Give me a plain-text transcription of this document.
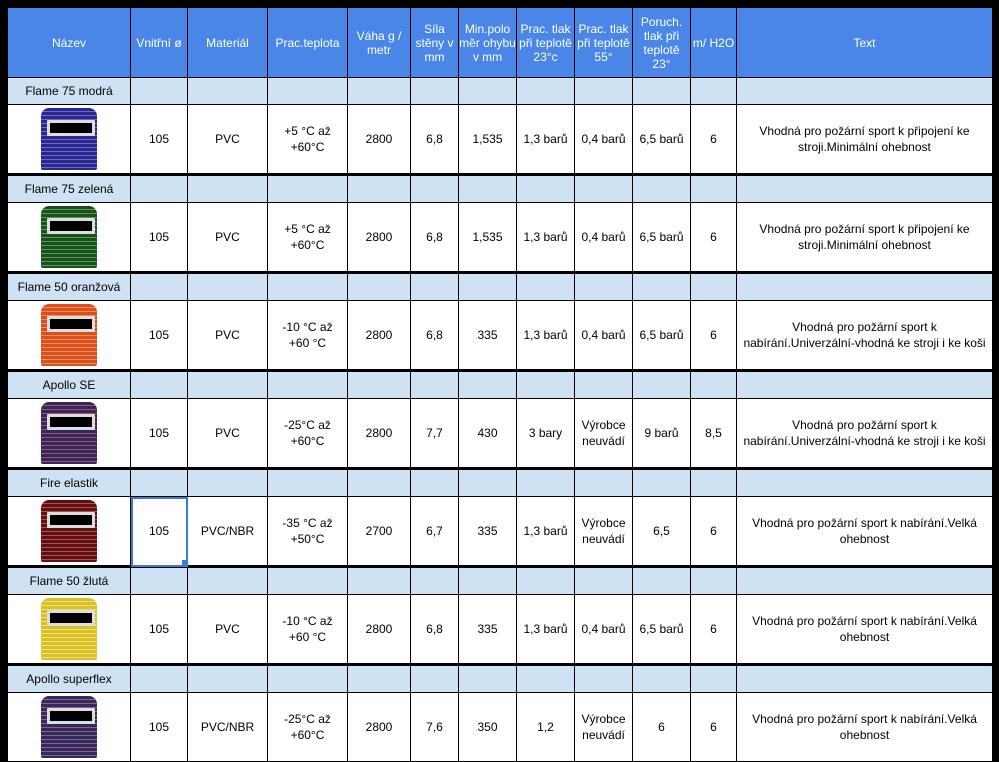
Název	Vnitřní ø	Materiál	Prac.teplota	Váha g / metr	Síla stěny v mm	Min.polo měr ohybu v mm	Prac. tlak při teplotě 23°c	Prac. tlak při teplotě 55°	Poruch. tlak při teplotě 23°	m/ H2O	Text
Flame 75 modrá											

	105	PVC	+5 °C až +60°C	2800	6,8	1,535	1,3 barů	0,4 barů	6,5 barů	6	Vhodná pro požární sport k připojení ke stroji.Minimální ohebnost

Flame 75 zelená											

	105	PVC	+5 °C až +60°C	2800	6,8	1,535	1,3 barů	0,4 barů	6,5 barů	6	Vhodná pro požární sport k připojení ke stroji.Minimální ohebnost

Flame 50 oranžová											

	105	PVC	-10 °C až +60 °C	2800	6,8	335	1,3 barů	0,4 barů	6,5 barů	6	Vhodná pro požární sport k nabírání.Univerzální-vhodná ke stroji i ke koši

Apollo SE											

	105	PVC	-25°C až +60°C	2800	7,7	430	3 bary	Výrobce neuvádí	9 barů	8,5	Vhodná pro požární sport k nabírání.Univerzální-vhodná ke stroji i ke koši

Fire elastik											

	105	PVC/NBR	-35 °C až +50°C	2700	6,7	335	1,3 barů	Výrobce neuvádí	6,5	6	Vhodná pro požární sport k nabírání.Velká ohebnost

Flame 50 žlutá											

	105	PVC	-10 °C až +60 °C	2800	6,8	335	1,3 barů	0,4 barů	6,5 barů	6	Vhodná pro požární sport k nabírání.Velká ohebnost

Apollo superflex											

	105	PVC/NBR	-25°C až +60°C	2800	7,6	350	1,2	Výrobce neuvádí	6	6	Vhodná pro požární sport k nabírání.Velká ohebnost
